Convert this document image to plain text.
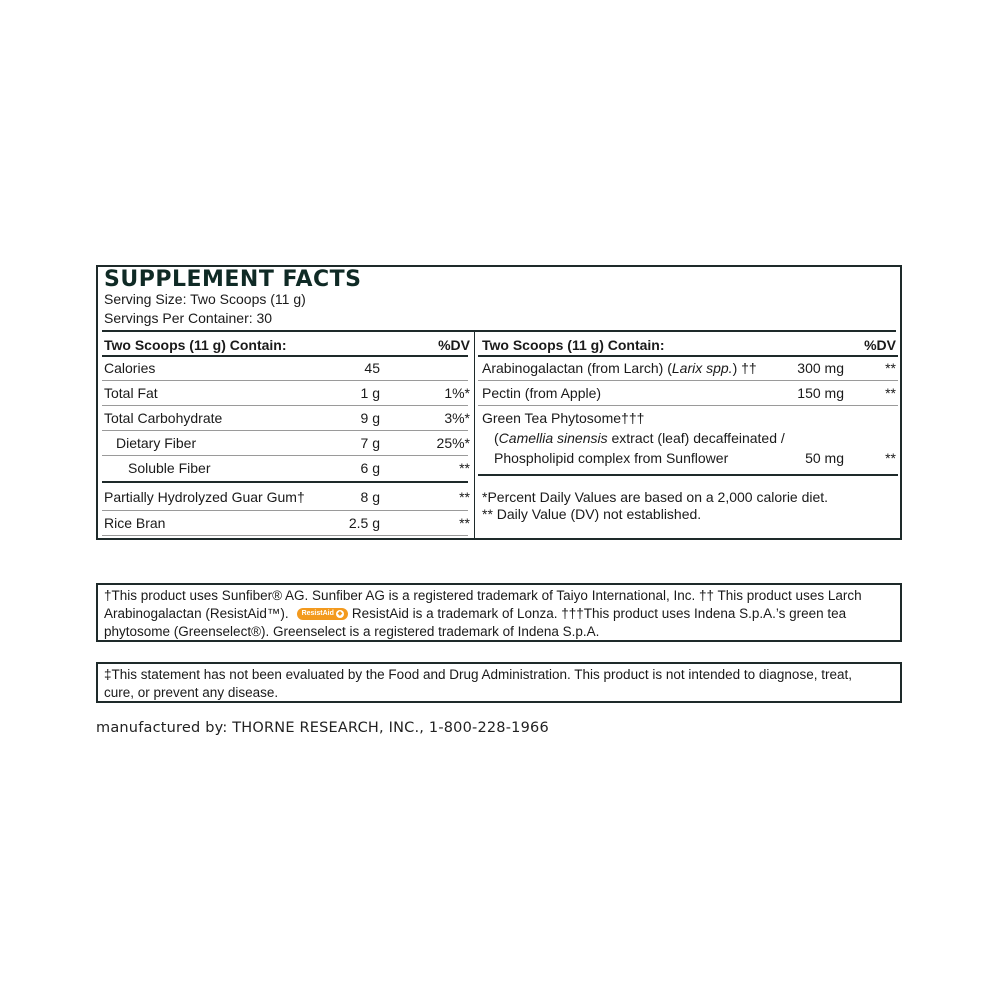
SUPPLEMENT FACTS
Serving Size: Two Scoops (11 g)
Servings Per Container: 30
Two Scoops (11 g) Contain:	%DV
Calories	45
Total Fat	1 g	1%*
Total Carbohydrate	9 g	3%*
Dietary Fiber	7 g	25%*
Soluble Fiber	6 g	**
Partially Hydrolyzed Guar Gum†	8 g	**
Rice Bran	2.5 g	**
Two Scoops (11 g) Contain:	%DV
Arabinogalactan (from Larch) (Larix spp.) ††	300 mg	**
Pectin (from Apple)	150 mg	**
Green Tea Phytosome†††
(Camellia sinensis extract (leaf) decaffeinated /
Phospholipid complex from Sunflower	50 mg	**
*Percent Daily Values are based on a 2,000 calorie diet.
** Daily Value (DV) not established.
†This product uses Sunfiber® AG. Sunfiber AG is a registered trademark of Taiyo International, Inc. †† This product uses Larch
Arabinogalactan (ResistAid™). ResistAid ◆ ResistAid is a trademark of Lonza. †††This product uses Indena S.p.A.’s green tea
phytosome (Greenselect®). Greenselect is a registered trademark of Indena S.p.A.
‡This statement has not been evaluated by the Food and Drug Administration. This product is not intended to diagnose, treat,
cure, or prevent any disease.
manufactured by: THORNE RESEARCH, INC., 1-800-228-1966
